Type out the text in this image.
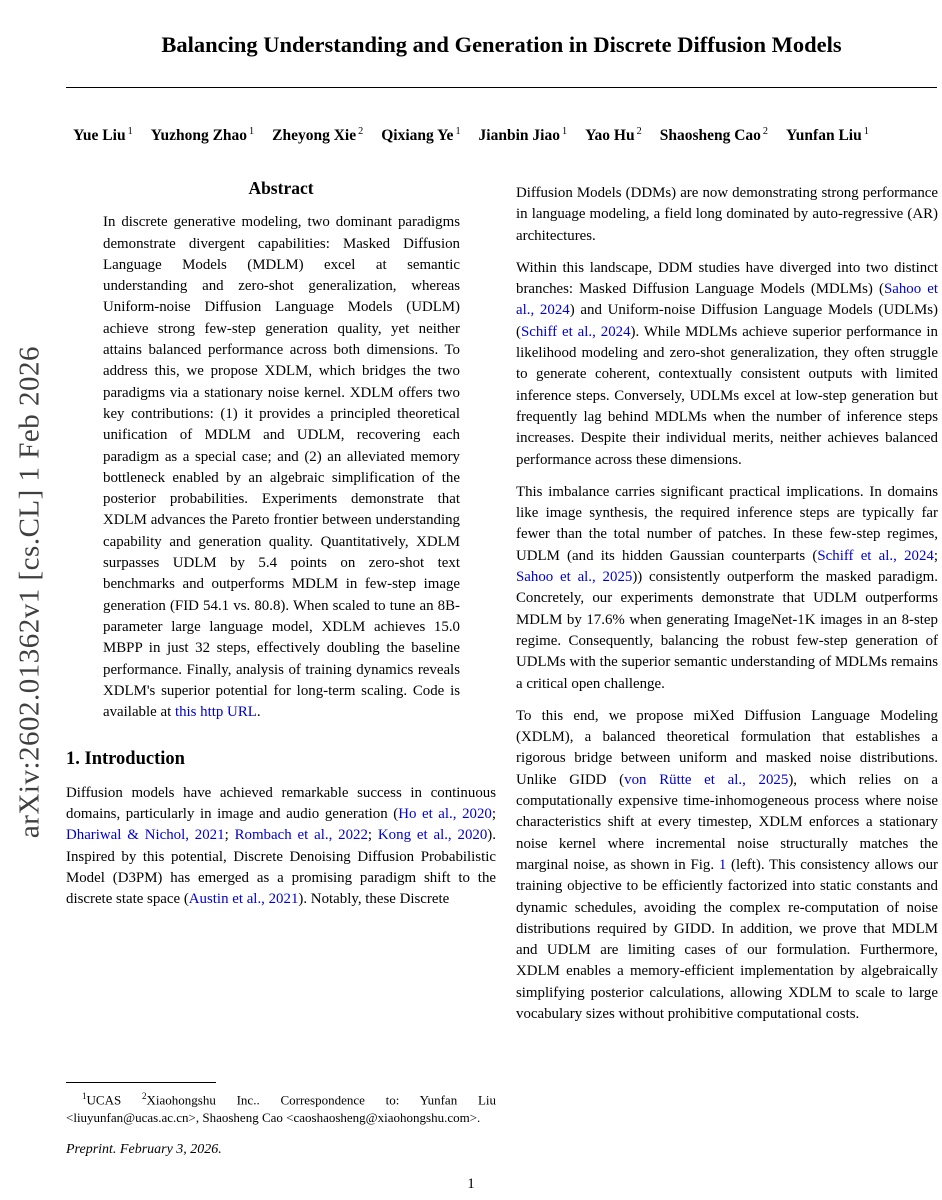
arXiv:2602.01362v1 [cs.CL] 1 Feb 2026
Balancing Understanding and Generation in Discrete Diffusion Models
Yue Liu $^1$ Yuzhong Zhao $^1$ Zheyong Xie $^2$ Qixiang Ye $^1$ Jianbin Jiao $^1$ Yao Hu $^2$ Shaosheng Cao $^2$ Yunfan Liu $^1$
Abstract
In discrete generative modeling, two dominant paradigms demonstrate divergent capabilities: Masked Diffusion Language Models (MDLM) excel at semantic understanding and zero-shot generalization, whereas Uniform-noise Diffusion Language Models (UDLM) achieve strong few-step generation quality, yet neither attains balanced performance across both dimensions. To address this, we propose XDLM, which bridges the two paradigms via a stationary noise kernel. XDLM offers two key contributions: (1) it provides a principled theoretical unification of MDLM and UDLM, recovering each paradigm as a special case; and (2) an alleviated memory bottleneck enabled by an algebraic simplification of the posterior probabilities. Experiments demonstrate that XDLM advances the Pareto frontier between understanding capability and generation quality. Quantitatively, XDLM surpasses UDLM by 5.4 points on zero-shot text benchmarks and outperforms MDLM in few-step image generation (FID 54.1 vs. 80.8). When scaled to tune an 8B-parameter large language model, XDLM achieves 15.0 MBPP in just 32 steps, effectively doubling the baseline performance. Finally, analysis of training dynamics reveals XDLM's superior potential for long-term scaling. Code is available at this http URL.
1. Introduction

Diffusion models have achieved remarkable success in continuous domains, particularly in image and audio generation (Ho et al., 2020; Dhariwal & Nichol, 2021; Rombach et al., 2022; Kong et al., 2020). Inspired by this potential, Discrete Denoising Diffusion Probabilistic Model (D3PM) has emerged as a promising paradigm shift to the discrete state space (Austin et al., 2021). Notably, these Discrete

$^1$UCAS $^2$Xiaohongshu Inc.. Correspondence to: Yunfan Liu <liuyunfan@ucas.ac.cn>, Shaosheng Cao <caoshaosheng@xiaohongshu.com>.

Preprint. February 3, 2026.

Diffusion Models (DDMs) are now demonstrating strong performance in language modeling, a field long dominated by auto-regressive (AR) architectures.

Within this landscape, DDM studies have diverged into two distinct branches: Masked Diffusion Language Models (MDLMs) (Sahoo et al., 2024) and Uniform-noise Diffusion Language Models (UDLMs) (Schiff et al., 2024). While MDLMs achieve superior performance in likelihood modeling and zero-shot generalization, they often struggle to generate coherent, contextually consistent outputs with limited inference steps. Conversely, UDLMs excel at low-step generation but frequently lag behind MDLMs when the number of inference steps increases. Despite their individual merits, neither achieves balanced performance across these dimensions.

This imbalance carries significant practical implications. In domains like image synthesis, the required inference steps are typically far fewer than the total number of patches. In these few-step regimes, UDLM (and its hidden Gaussian counterparts (Schiff et al., 2024; Sahoo et al., 2025)) consistently outperform the masked paradigm. Concretely, our experiments demonstrate that UDLM outperforms MDLM by 17.6% when generating ImageNet-1K images in an 8-step regime. Consequently, balancing the robust few-step generation of UDLMs with the superior semantic understanding of MDLMs remains a critical open challenge.

To this end, we propose miXed Diffusion Language Modeling (XDLM), a balanced theoretical formulation that establishes a rigorous bridge between uniform and masked noise distributions. Unlike GIDD (von Rütte et al., 2025), which relies on a computationally expensive time-inhomogeneous process where noise characteristics shift at every timestep, XDLM enforces a stationary noise kernel where incremental noise structurally matches the marginal noise, as shown in Fig. 1 (left). This consistency allows our training objective to be efficiently factorized into static constants and dynamic schedules, avoiding the complex re-computation of noise distributions required by GIDD. In addition, we prove that MDLM and UDLM are limiting cases of our formulation. Furthermore, XDLM enables a memory-efficient implementation by algebraically simplifying posterior calculations, allowing XDLM to scale to large vocabulary sizes without prohibitive computational costs.

1
